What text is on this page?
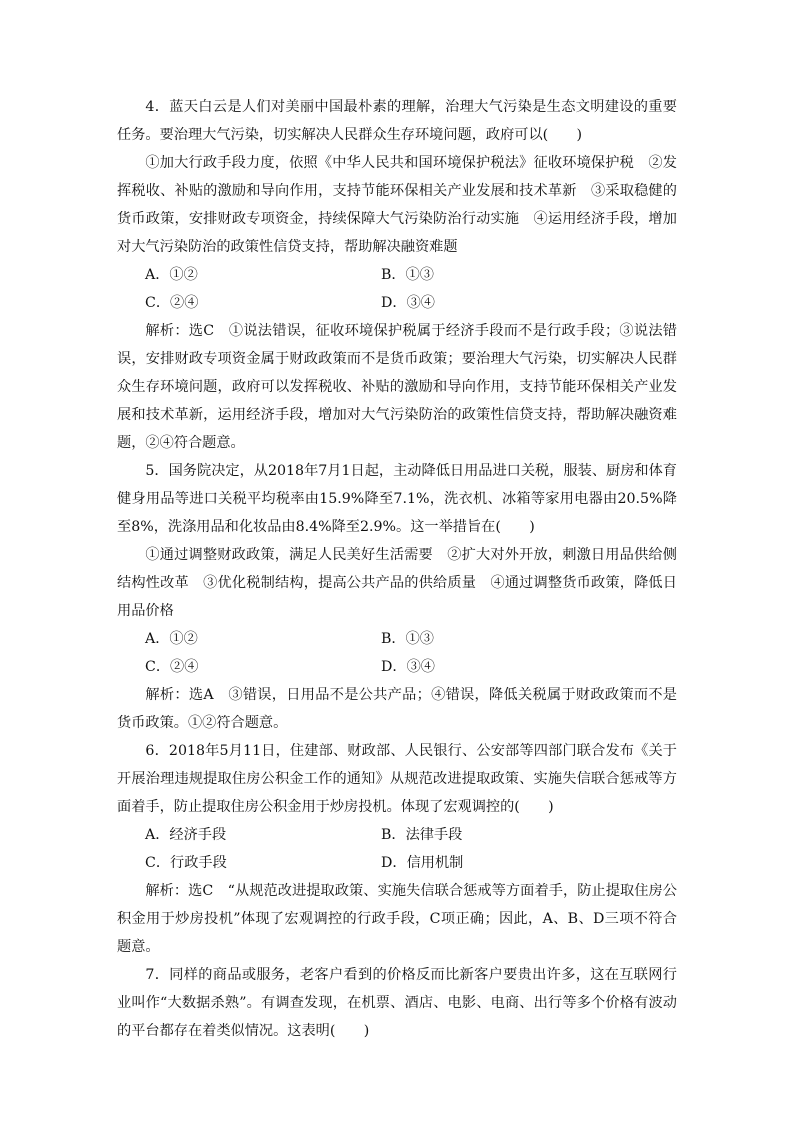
4．蓝天白云是人们对美丽中国最朴素的理解，治理大气污染是生态文明建设的重要任务。要治理大气污染，切实解决人民群众生存环境问题，政府可以(　　)

①加大行政手段力度，依照《中华人民共和国环境保护税法》征收环境保护税　②发挥税收、补贴的激励和导向作用，支持节能环保相关产业发展和技术革新　③采取稳健的货币政策，安排财政专项资金，持续保障大气污染防治行动实施　④运用经济手段，增加对大气污染防治的政策性信贷支持，帮助解决融资难题

A．①②	B．①③
C．②④	D．③④

解析：选C　①说法错误，征收环境保护税属于经济手段而不是行政手段；③说法错误，安排财政专项资金属于财政政策而不是货币政策；要治理大气污染，切实解决人民群众生存环境问题，政府可以发挥税收、补贴的激励和导向作用，支持节能环保相关产业发展和技术革新，运用经济手段，增加对大气污染防治的政策性信贷支持，帮助解决融资难题，②④符合题意。

5．国务院决定，从2018年7月1日起，主动降低日用品进口关税，服装、厨房和体育健身用品等进口关税平均税率由15.9%降至7.1%，洗衣机、冰箱等家用电器由20.5%降至8%，洗涤用品和化妆品由8.4%降至2.9%。这一举措旨在(　　)

①通过调整财政政策，满足人民美好生活需要　②扩大对外开放，刺激日用品供给侧结构性改革　③优化税制结构，提高公共产品的供给质量　④通过调整货币政策，降低日用品价格

A．①②	B．①③
C．②④	D．③④

解析：选A　③错误，日用品不是公共产品；④错误，降低关税属于财政政策而不是货币政策。①②符合题意。

6．2018年5月11日，住建部、财政部、人民银行、公安部等四部门联合发布《关于开展治理违规提取住房公积金工作的通知》从规范改进提取政策、实施失信联合惩戒等方面着手，防止提取住房公积金用于炒房投机。体现了宏观调控的(　　)

A．经济手段	B．法律手段
C．行政手段	D．信用机制

解析：选C　“从规范改进提取政策、实施失信联合惩戒等方面着手，防止提取住房公积金用于炒房投机”体现了宏观调控的行政手段，C项正确；因此，A、B、D三项不符合题意。

7．同样的商品或服务，老客户看到的价格反而比新客户要贵出许多，这在互联网行业叫作“大数据杀熟”。有调查发现，在机票、酒店、电影、电商、出行等多个价格有波动的平台都存在着类似情况。这表明(　　)
